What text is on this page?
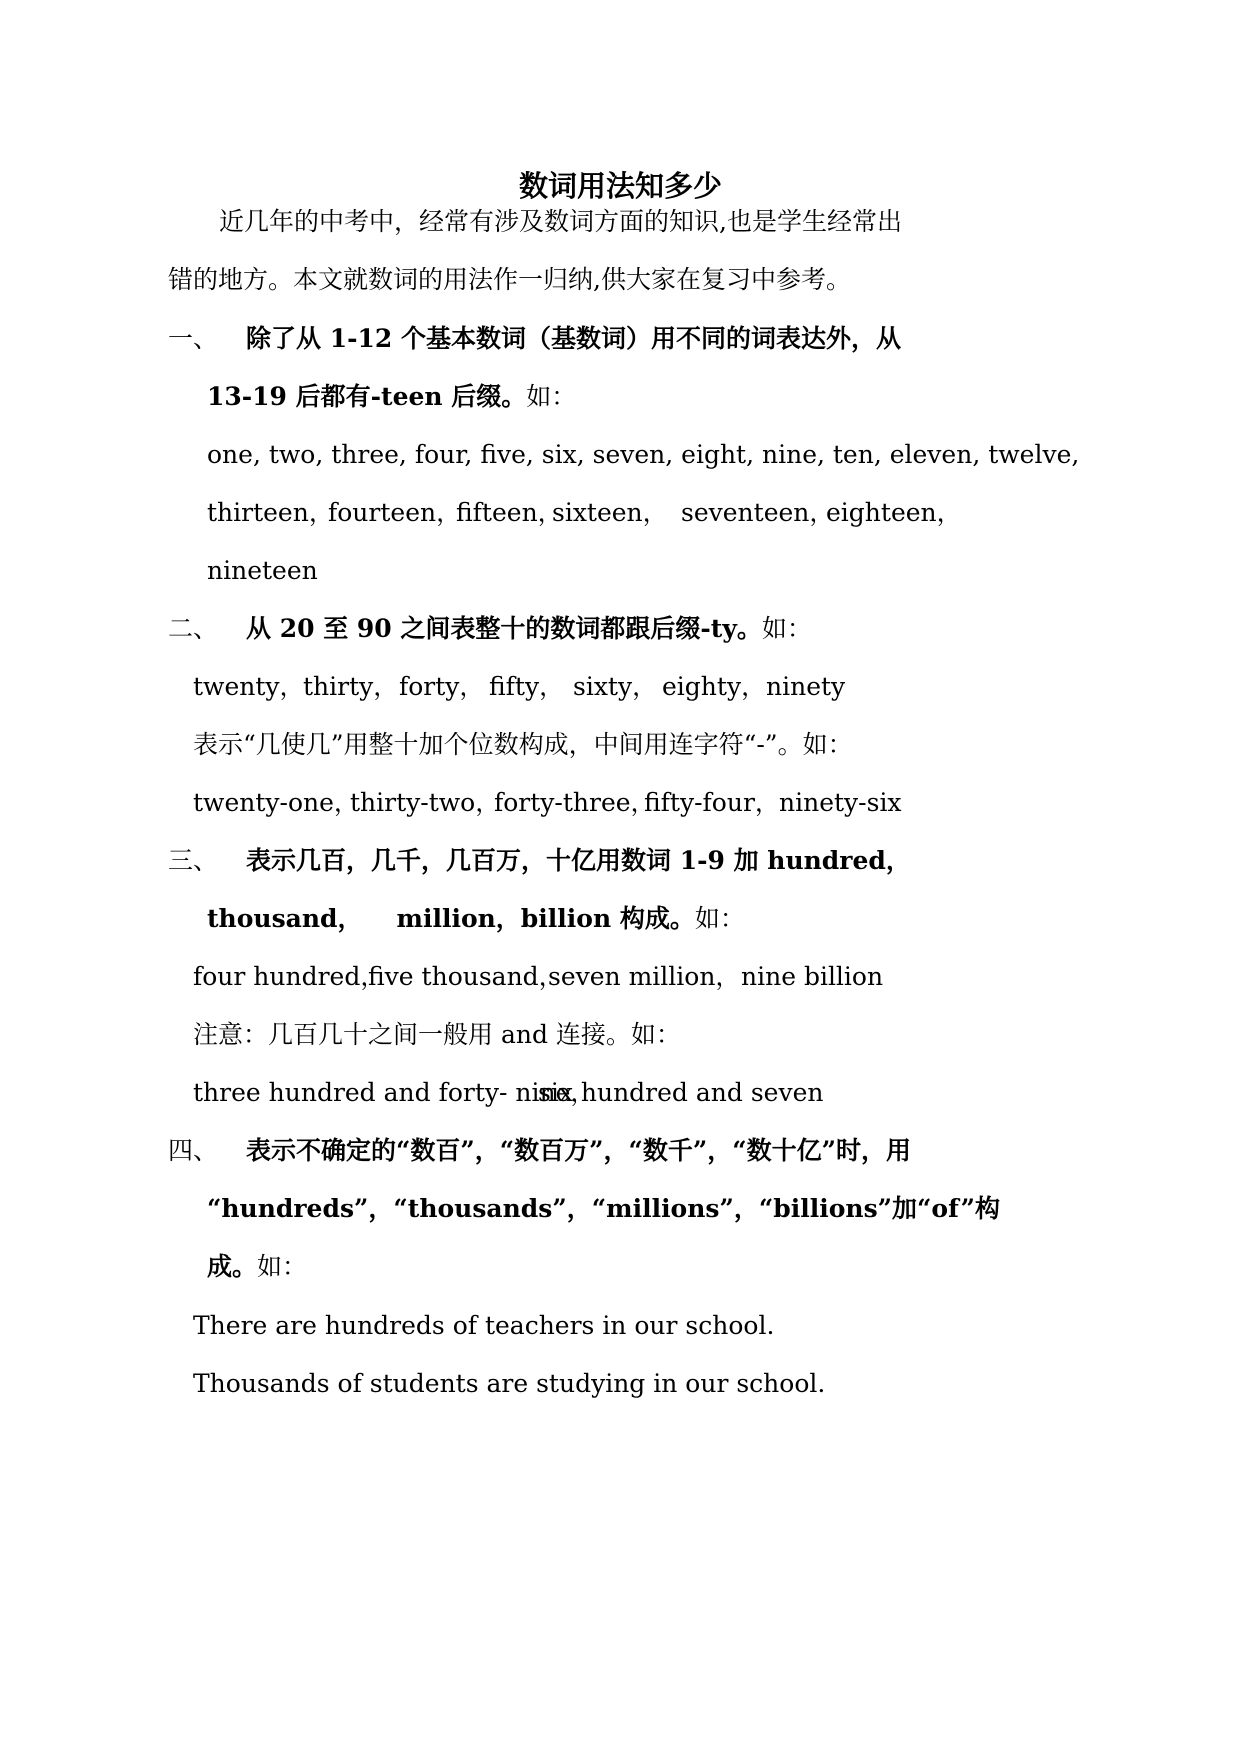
数词用法知多少
近几年的中考中，经常有涉及数词方面的知识,也是学生经常出
错的地方。本文就数词的用法作一归纳,供大家在复习中参考。
一、 除了从 1-12 个基本数词（基数词）用不同的词表达外，从
13-19 后都有-teen 后缀。如：
one, two, three, four, five, six, seven, eight, nine, ten, eleven, twelve,
thirteen，
fourteen，
fifteen，
sixteen， seventeen，
eighteen，
nineteen
二、 从 20 至 90 之间表整十的数词都跟后缀-ty。如：
twenty，
thirty， forty， fifty， sixty， eighty， ninety
表示“几使几”用整十加个位数构成，中间用连字符“-”。如：
twenty-one，
thirty-two，
forty-three，
fifty-four， ninety-six
三、 表示几百，几千，几百万，十亿用数词 1-9 加 hundred，
thousand， million，billion 构成。如：
four hundred，
five thousand，
seven million， nine billion
注意：几百几十之间一般用 and 连接。如：
three hundred and forty- nine，
six hundred and seven
四、 表示不确定的“数百”，“数百万”，“数千”，“数十亿”时，用
“hundreds”，“thousands”，“millions”，“billions”加“of”构
成。如：
There are hundreds of teachers in our school.
Thousands of students are studying in our school.
